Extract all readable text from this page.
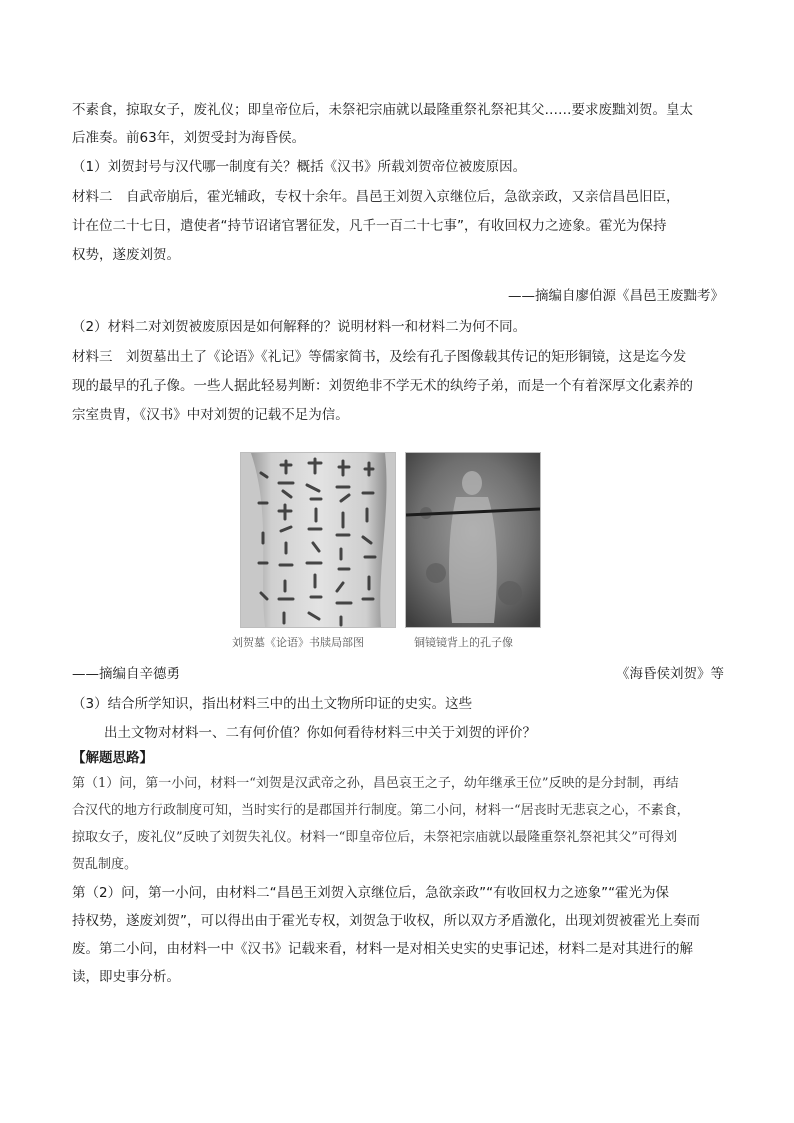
不素食，掠取女子，废礼仪；即皇帝位后，未祭祀宗庙就以最隆重祭礼祭祀其父……要求废黜刘贺。皇太
后准奏。前63年，刘贺受封为海昏侯。
（1）刘贺封号与汉代哪一制度有关？概括《汉书》所载刘贺帝位被废原因。
材料二　自武帝崩后，霍光辅政，专权十余年。昌邑王刘贺入京继位后，急欲亲政，又亲信昌邑旧臣，
计在位二十七日，遣使者“持节诏诸官署征发，凡千一百二十七事”，有收回权力之迹象。霍光为保持
权势，遂废刘贺。
——摘编自廖伯源《昌邑王废黜考》
（2）材料二对刘贺被废原因是如何解释的？说明材料一和材料二为何不同。
材料三　刘贺墓出土了《论语》《礼记》等儒家简书，及绘有孔子图像载其传记的矩形铜镜，这是迄今发
现的最早的孔子像。一些人据此轻易判断：刘贺绝非不学无术的纨绔子弟，而是一个有着深厚文化素养的
宗室贵胄，《汉书》中对刘贺的记载不足为信。
刘贺墓《论语》书牍局部图	铜镜镜背上的孔子像
——摘编自辛德勇	《海昏侯刘贺》等
（3）结合所学知识，指出材料三中的出土文物所印证的史实。这些
出土文物对材料一、二有何价值？你如何看待材料三中关于刘贺的评价？
【解题思路】
第（1）问，第一小问，材料一“刘贺是汉武帝之孙，昌邑哀王之子，幼年继承王位”反映的是分封制，再结
合汉代的地方行政制度可知，当时实行的是郡国并行制度。第二小问，材料一“居丧时无悲哀之心，不素食，
掠取女子，废礼仪”反映了刘贺失礼仪。材料一“即皇帝位后，未祭祀宗庙就以最隆重祭礼祭祀其父”可得刘
贺乱制度。
第（2）问，第一小问，由材料二“昌邑王刘贺入京继位后，急欲亲政”“有收回权力之迹象”“霍光为保
持权势，遂废刘贺”，可以得出由于霍光专权，刘贺急于收权，所以双方矛盾激化，出现刘贺被霍光上奏而
废。第二小问，由材料一中《汉书》记载来看，材料一是对相关史实的史事记述，材料二是对其进行的解
读，即史事分析。
